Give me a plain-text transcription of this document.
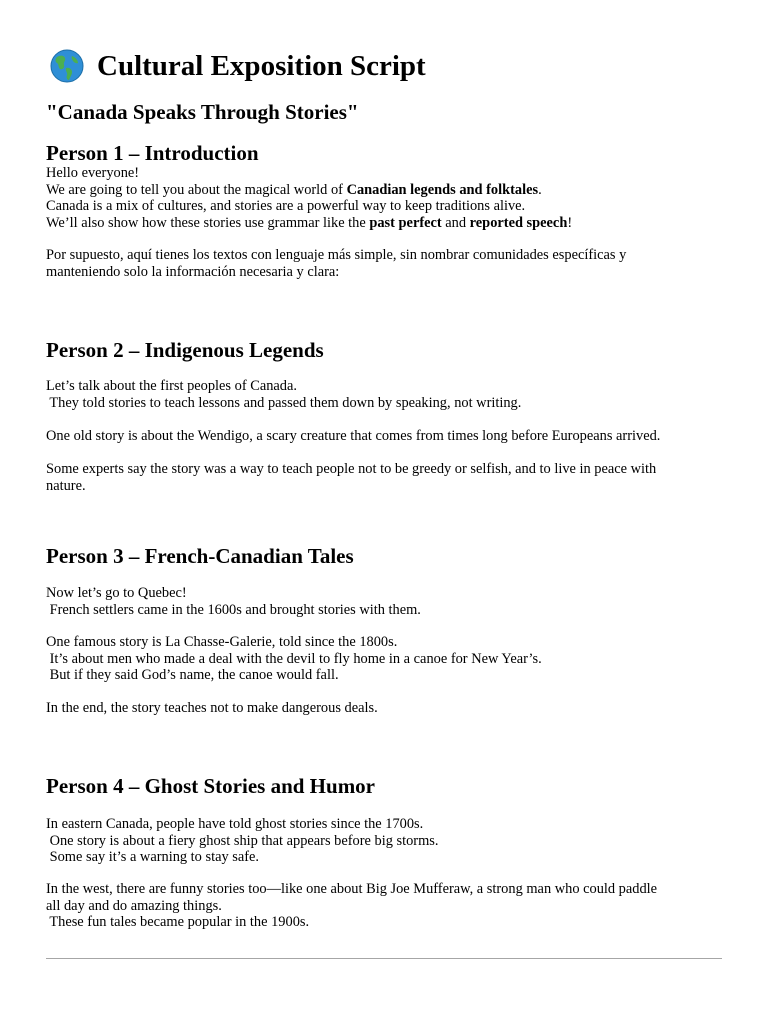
Cultural Exposition Script
"Canada Speaks Through Stories"
Person 1 – Introduction
Hello everyone!
We are going to tell you about the magical world of Canadian legends and folktales.
Canada is a mix of cultures, and stories are a powerful way to keep traditions alive.
We’ll also show how these stories use grammar like the past perfect and reported speech!
Por supuesto, aquí tienes los textos con lenguaje más simple, sin nombrar comunidades específicas y
manteniendo solo la información necesaria y clara:
Person 2 – Indigenous Legends
Let’s talk about the first peoples of Canada.
They told stories to teach lessons and passed them down by speaking, not writing.
One old story is about the Wendigo, a scary creature that comes from times long before Europeans arrived.
Some experts say the story was a way to teach people not to be greedy or selfish, and to live in peace with
nature.
Person 3 – French-Canadian Tales
Now let’s go to Quebec!
French settlers came in the 1600s and brought stories with them.
One famous story is La Chasse-Galerie, told since the 1800s.
It’s about men who made a deal with the devil to fly home in a canoe for New Year’s.
But if they said God’s name, the canoe would fall.
In the end, the story teaches not to make dangerous deals.
Person 4 – Ghost Stories and Humor
In eastern Canada, people have told ghost stories since the 1700s.
One story is about a fiery ghost ship that appears before big storms.
Some say it’s a warning to stay safe.
In the west, there are funny stories too—like one about Big Joe Mufferaw, a strong man who could paddle
all day and do amazing things.
These fun tales became popular in the 1900s.
